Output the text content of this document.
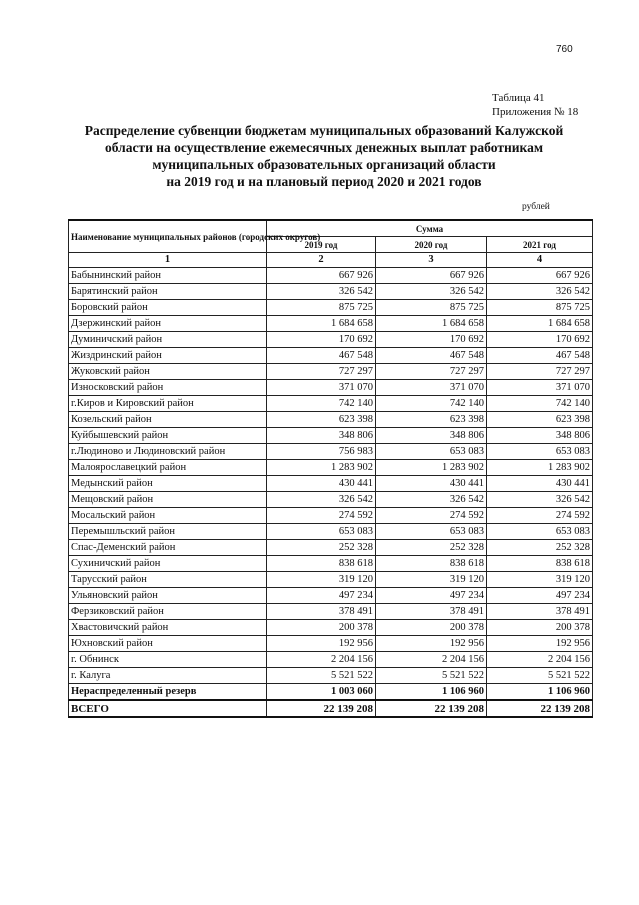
760
Таблица 41
Приложения № 18
Распределение субвенции бюджетам муниципальных образований Калужской
области на осуществление ежемесячных денежных выплат работникам
муниципальных образовательных организаций области
на 2019 год и на плановый период 2020 и 2021 годов
рублей
Наименование муниципальных районов (городских округов)	Сумма		
	2019 год	2020 год	2021 год
1	2	3	4
Бабынинский район	667 926	667 926	667 926
Барятинский район	326 542	326 542	326 542
Боровский район	875 725	875 725	875 725
Дзержинский район	1 684 658	1 684 658	1 684 658
Думиничский район	170 692	170 692	170 692
Жиздринский район	467 548	467 548	467 548
Жуковский район	727 297	727 297	727 297
Износковский район	371 070	371 070	371 070
г.Киров и Кировский район	742 140	742 140	742 140
Козельский район	623 398	623 398	623 398
Куйбышевский район	348 806	348 806	348 806
г.Людиново и Людиновский район	756 983	653 083	653 083
Малоярославецкий район	1 283 902	1 283 902	1 283 902
Медынский район	430 441	430 441	430 441
Мещовский район	326 542	326 542	326 542
Мосальский район	274 592	274 592	274 592
Перемышльский район	653 083	653 083	653 083
Спас-Деменский район	252 328	252 328	252 328
Сухиничский район	838 618	838 618	838 618
Тарусский район	319 120	319 120	319 120
Ульяновский район	497 234	497 234	497 234
Ферзиковский район	378 491	378 491	378 491
Хвастовичский район	200 378	200 378	200 378
Юхновский район	192 956	192 956	192 956
г. Обнинск	2 204 156	2 204 156	2 204 156
г. Калуга	5 521 522	5 521 522	5 521 522
Нераспределенный резерв	1 003 060	1 106 960	1 106 960
ВСЕГО	22 139 208	22 139 208	22 139 208
